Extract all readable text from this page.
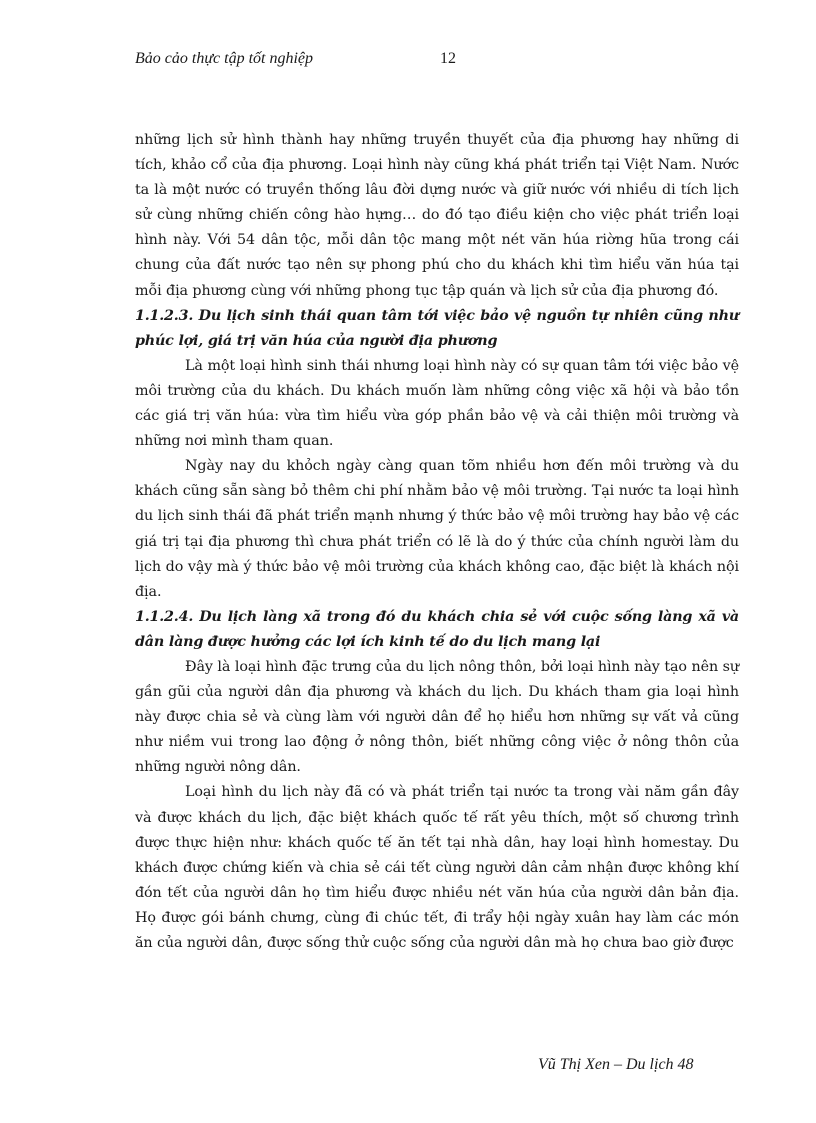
Bảo cảo thực tập tốt nghiệp	12

những lịch sử hình thành hay những truyền thuyết của địa phương hay những di tích, khảo cổ của địa phương. Loại hình này cũng khá phát triển tại Việt Nam. Nước ta là một nước có truyền thống lâu đời dựng nước và giữ nước với nhiều di tích lịch sử cùng những chiến công hào hựng… do đó tạo điều kiện cho việc phát triển loại hình này. Với 54 dân tộc, mỗi dân tộc mang một nét văn húa riờng hũa trong cái chung của đất nước tạo nên sự phong phú cho du khách khi tìm hiểu văn húa tại mỗi địa phương cùng với những phong tục tập quán và lịch sử của địa phương đó.

1.1.2.3. Du lịch sinh thái quan tâm tới việc bảo vệ nguồn tự nhiên cũng như phúc lợi, giá trị văn húa của người địa phương

Là một loại hình sinh thái nhưng loại hình này có sự quan tâm tới việc bảo vệ môi trường của du khách. Du khách muốn làm những công việc xã hội và bảo tồn các giá trị văn húa: vừa tìm hiểu vừa góp phần bảo vệ và cải thiện môi trường và những nơi mình tham quan.

Ngày nay du khỏch ngày càng quan tõm nhiều hơn đến môi trường và du khách cũng sẵn sàng bỏ thêm chi phí nhằm bảo vệ môi trường. Tại nước ta loại hình du lịch sinh thái đã phát triển mạnh nhưng ý thức bảo vệ môi trường hay bảo vệ các giá trị tại địa phương thì chưa phát triển có lẽ là do ý thức của chính người làm du lịch do vậy mà ý thức bảo vệ môi trường của khách không cao, đặc biệt là khách nội địa.

1.1.2.4. Du lịch làng xã trong đó du khách chia sẻ với cuộc sống làng xã và dân làng được hưởng các lợi ích kinh tế do du lịch mang lại

Đây là loại hình đặc trưng của du lịch nông thôn, bởi loại hình này tạo nên sự gần gũi của người dân địa phương và khách du lịch. Du khách tham gia loại hình này được chia sẻ và cùng làm với người dân để họ hiểu hơn những sự vất vả cũng như niềm vui trong lao động ở nông thôn, biết những công việc ở nông thôn của những người nông dân.

Loại hình du lịch này đã có và phát triển tại nước ta trong vài năm gần đây và được khách du lịch, đặc biệt khách quốc tế rất yêu thích, một số chương trình được thực hiện như: khách quốc tế ăn tết tại nhà dân, hay loại hình homestay. Du khách được chứng kiến và chia sẻ cái tết cùng người dân cảm nhận được không khí đón tết của người dân họ tìm hiểu được nhiều nét văn húa của người dân bản địa. Họ được gói bánh chưng, cùng đi chúc tết, đi trẩy hội ngày xuân hay làm các món ăn của người dân, được sống thử cuộc sống của người dân mà họ chưa bao giờ được

Vũ Thị Xen – Du lịch 48
